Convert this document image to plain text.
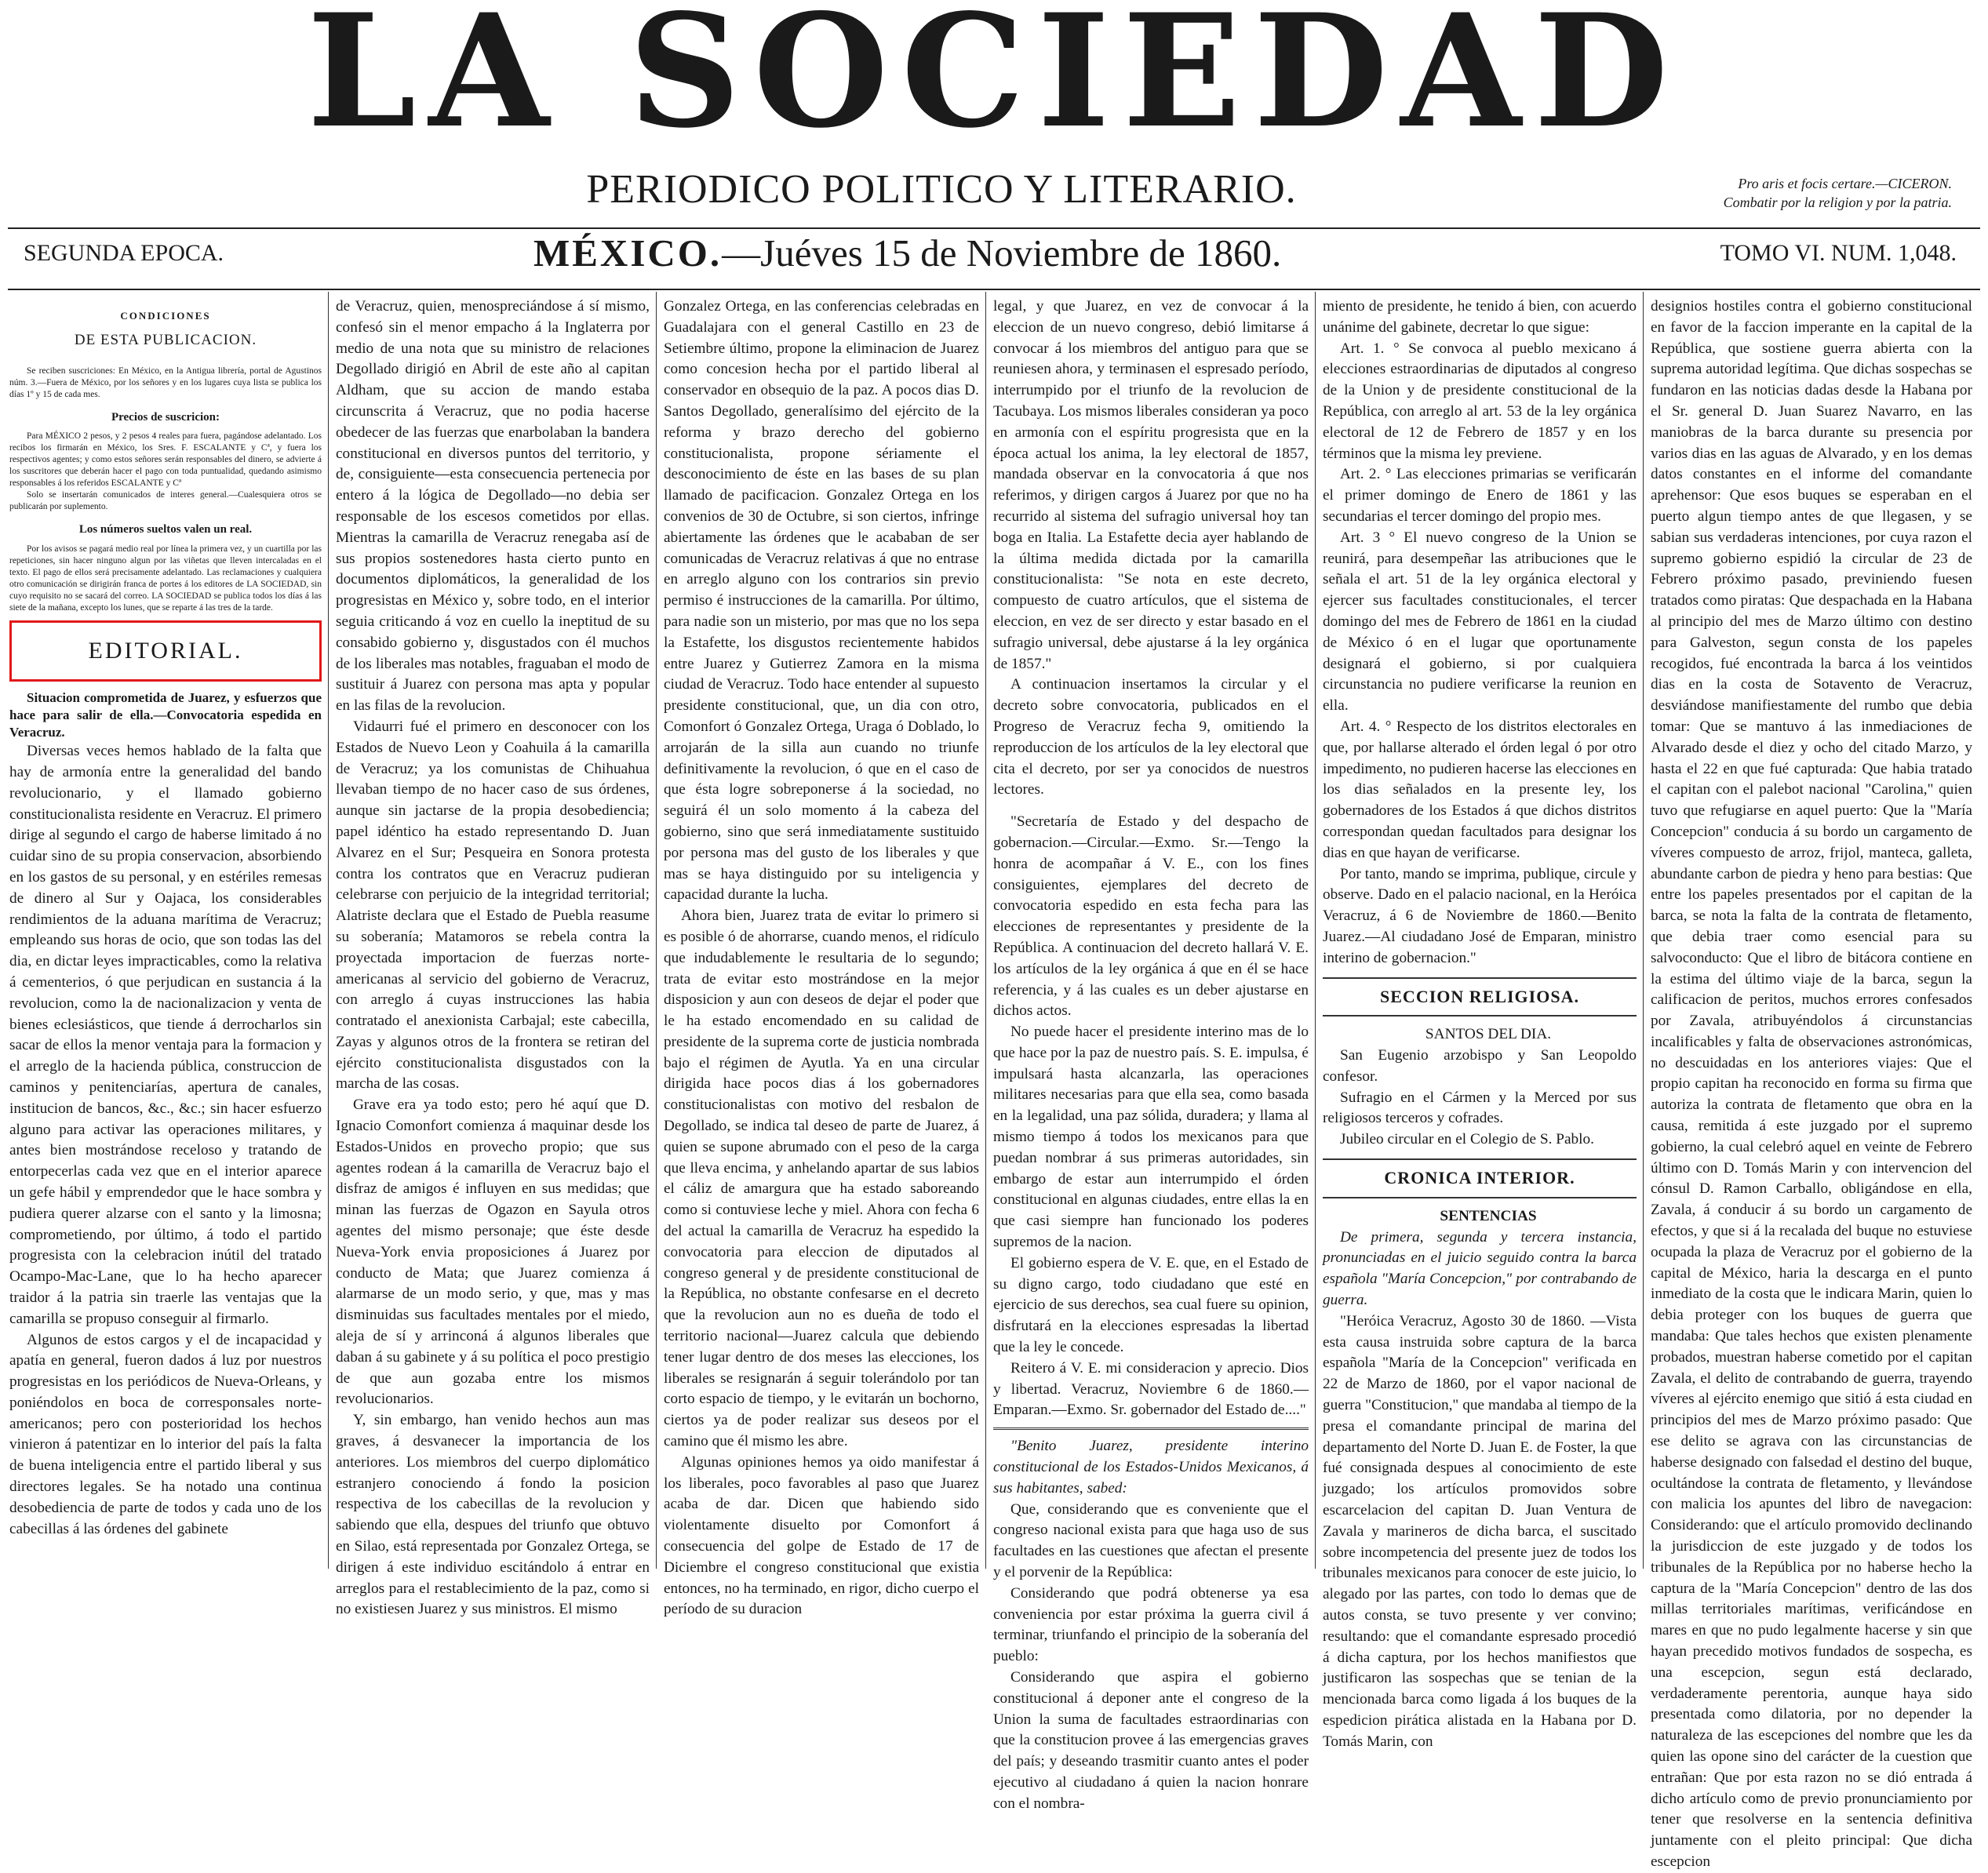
LA SOCIEDAD
PERIODICO POLITICO Y LITERARIO.	Pro aris et focis certare.—CICERON.
Combatir por la religion y por la patria.
SEGUNDA EPOCA.	MÉXICO.—Juéves 15 de Noviembre de 1860.	TOMO VI. NUM. 1,048.
CONDICIONES
DE ESTA PUBLICACION.

Se reciben suscriciones: En México, en la Antigua librería, portal de Agustinos núm. 3.—Fuera de México, por los señores y en los lugares cuya lista se publica los días 1º y 15 de cada mes.

Precios de suscricion:

Para MÉXICO 2 pesos, y 2 pesos 4 reales para fuera, pagándose adelantado. Los recibos los firmarán en México, los Sres. F. ESCALANTE y Cª, y fuera los respectivos agentes; y como estos señores serán responsables del dinero, se advierte á los suscritores que deberán hacer el pago con toda puntualidad, quedando asimismo responsables á los referidos ESCALANTE y Cª

Solo se insertarán comunicados de interes general.—Cualesquiera otros se publicarán por suplemento.

Los números sueltos valen un real.

Por los avisos se pagará medio real por línea la primera vez, y un cuartilla por las repeticiones, sin hacer ninguno algun por las viñetas que lleven intercaladas en el texto. El pago de ellos será precisamente adelantado. Las reclamaciones y cualquiera otro comunicación se dirigirán franca de portes á los editores de LA SOCIEDAD, sin cuyo requisito no se sacará del correo. LA SOCIEDAD se publica todos los días á las siete de la mañana, excepto los lunes, que se reparte á las tres de la tarde.

EDITORIAL.

Situacion comprometida de Juarez, y esfuerzos que hace para salir de ella.—Convocatoria espedida en Veracruz.

Diversas veces hemos hablado de la falta que hay de armonía entre la generalidad del bando revolucionario, y el llamado gobierno constitucionalista residente en Veracruz. El primero dirige al segundo el cargo de haberse limitado á no cuidar sino de su propia conservacion, absorbiendo en los gastos de su personal, y en estériles remesas de dinero al Sur y Oajaca, los considerables rendimientos de la aduana marítima de Veracruz; empleando sus horas de ocio, que son todas las del dia, en dictar leyes impracticables, como la relativa á cementerios, ó que perjudican en sustancia á la revolucion, como la de nacionalizacion y venta de bienes eclesiásticos, que tiende á derrocharlos sin sacar de ellos la menor ventaja para la formacion y el arreglo de la hacienda pública, construccion de caminos y penitenciarías, apertura de canales, institucion de bancos, &c., &c.; sin hacer esfuerzo alguno para activar las operaciones militares, y antes bien mostrándose receloso y tratando de entorpecerlas cada vez que en el interior aparece un gefe hábil y emprendedor que le hace sombra y pudiera querer alzarse con el santo y la limosna; comprometiendo, por último, á todo el partido progresista con la celebracion inútil del tratado Ocampo-Mac-Lane, que lo ha hecho aparecer traidor á la patria sin traerle las ventajas que la camarilla se propuso conseguir al firmarlo.

Algunos de estos cargos y el de incapacidad y apatía en general, fueron dados á luz por nuestros progresistas en los periódicos de Nueva-Orleans, y poniéndolos en boca de corresponsales norte-americanos; pero con posterioridad los hechos vinieron á patentizar en lo interior del país la falta de buena inteligencia entre el partido liberal y sus directores legales. Se ha notado una continua desobediencia de parte de todos y cada uno de los cabecillas á las órdenes del gabinete

de Veracruz, quien, menospreciándose á sí mismo, confesó sin el menor empacho á la Inglaterra por medio de una nota que su ministro de relaciones Degollado dirigió en Abril de este año al capitan Aldham, que su accion de mando estaba circunscrita á Veracruz, que no podia hacerse obedecer de las fuerzas que enarbolaban la bandera constitucional en diversos puntos del territorio, y de, consiguiente—esta consecuencia pertenecia por entero á la lógica de Degollado—no debia ser responsable de los escesos cometidos por ellas. Mientras la camarilla de Veracruz renegaba así de sus propios sostenedores hasta cierto punto en documentos diplomáticos, la generalidad de los progresistas en México y, sobre todo, en el interior seguia criticando á voz en cuello la ineptitud de su consabido gobierno y, disgustados con él muchos de los liberales mas notables, fraguaban el modo de sustituir á Juarez con persona mas apta y popular en las filas de la revolucion.

Vidaurri fué el primero en desconocer con los Estados de Nuevo Leon y Coahuila á la camarilla de Veracruz; ya los comunistas de Chihuahua llevaban tiempo de no hacer caso de sus órdenes, aunque sin jactarse de la propia desobediencia; papel idéntico ha estado representando D. Juan Alvarez en el Sur; Pesqueira en Sonora protesta contra los contratos que en Veracruz pudieran celebrarse con perjuicio de la integridad territorial; Alatriste declara que el Estado de Puebla reasume su soberanía; Matamoros se rebela contra la proyectada importacion de fuerzas norte-americanas al servicio del gobierno de Veracruz, con arreglo á cuyas instrucciones las habia contratado el anexionista Carbajal; este cabecilla, Zayas y algunos otros de la frontera se retiran del ejército constitucionalista disgustados con la marcha de las cosas.

Grave era ya todo esto; pero hé aquí que D. Ignacio Comonfort comienza á maquinar desde los Estados-Unidos en provecho propio; que sus agentes rodean á la camarilla de Veracruz bajo el disfraz de amigos é influyen en sus medidas; que minan las fuerzas de Ogazon en Sayula otros agentes del mismo personaje; que éste desde Nueva-York envia proposiciones á Juarez por conducto de Mata; que Juarez comienza á alarmarse de un modo serio, y que, mas y mas disminuidas sus facultades mentales por el miedo, aleja de sí y arrinconá á algunos liberales que daban á su gabinete y á su política el poco prestigio de que aun gozaba entre los mismos revolucionarios.

Y, sin embargo, han venido hechos aun mas graves, á desvanecer la importancia de los anteriores. Los miembros del cuerpo diplomático estranjero conociendo á fondo la posicion respectiva de los cabecillas de la revolucion y sabiendo que ella, despues del triunfo que obtuvo en Silao, está representada por Gonzalez Ortega, se dirigen á este individuo escitándolo á entrar en arreglos para el restablecimiento de la paz, como si no existiesen Juarez y sus ministros. El mismo

Gonzalez Ortega, en las conferencias celebradas en Guadalajara con el general Castillo en 23 de Setiembre último, propone la eliminacion de Juarez como concesion hecha por el partido liberal al conservador en obsequio de la paz. A pocos dias D. Santos Degollado, generalísimo del ejército de la reforma y brazo derecho del gobierno constitucionalista, propone sériamente el desconocimiento de éste en las bases de su plan llamado de pacificacion. Gonzalez Ortega en los convenios de 30 de Octubre, si son ciertos, infringe abiertamente las órdenes que le acababan de ser comunicadas de Veracruz relativas á que no entrase en arreglo alguno con los contrarios sin previo permiso é instrucciones de la camarilla. Por último, para nadie son un misterio, por mas que no los sepa la Estafette, los disgustos recientemente habidos entre Juarez y Gutierrez Zamora en la misma ciudad de Veracruz. Todo hace entender al supuesto presidente constitucional, que, un dia con otro, Comonfort ó Gonzalez Ortega, Uraga ó Doblado, lo arrojarán de la silla aun cuando no triunfe definitivamente la revolucion, ó que en el caso de que ésta logre sobreponerse á la sociedad, no seguirá él un solo momento á la cabeza del gobierno, sino que será inmediatamente sustituido por persona mas del gusto de los liberales y que mas se haya distinguido por su inteligencia y capacidad durante la lucha.

Ahora bien, Juarez trata de evitar lo primero si es posible ó de ahorrarse, cuando menos, el ridículo que indudablemente le resultaria de lo segundo; trata de evitar esto mostrándose en la mejor disposicion y aun con deseos de dejar el poder que le ha estado encomendado en su calidad de presidente de la suprema corte de justicia nombrada bajo el régimen de Ayutla. Ya en una circular dirigida hace pocos dias á los gobernadores constitucionalistas con motivo del resbalon de Degollado, se indica tal deseo de parte de Juarez, á quien se supone abrumado con el peso de la carga que lleva encima, y anhelando apartar de sus labios el cáliz de amargura que ha estado saboreando como si contuviese leche y miel. Ahora con fecha 6 del actual la camarilla de Veracruz ha espedido la convocatoria para eleccion de diputados al congreso general y de presidente constitucional de la República, no obstante confesarse en el decreto que la revolucion aun no es dueña de todo el territorio nacional—Juarez calcula que debiendo tener lugar dentro de dos meses las elecciones, los liberales se resignarán á seguir tolerándolo por tan corto espacio de tiempo, y le evitarán un bochorno, ciertos ya de poder realizar sus deseos por el camino que él mismo les abre.

Algunas opiniones hemos ya oido manifestar á los liberales, poco favorables al paso que Juarez acaba de dar. Dicen que habiendo sido violentamente disuelto por Comonfort á consecuencia del golpe de Estado de 17 de Diciembre el congreso constitucional que existia entonces, no ha terminado, en rigor, dicho cuerpo el período de su duracion

legal, y que Juarez, en vez de convocar á la eleccion de un nuevo congreso, debió limitarse á convocar á los miembros del antiguo para que se reuniesen ahora, y terminasen el espresado período, interrumpido por el triunfo de la revolucion de Tacubaya. Los mismos liberales consideran ya poco en armonía con el espíritu progresista que en la época actual los anima, la ley electoral de 1857, mandada observar en la convocatoria á que nos referimos, y dirigen cargos á Juarez por que no ha recurrido al sistema del sufragio universal hoy tan boga en Italia. La Estafette decia ayer hablando de la última medida dictada por la camarilla constitucionalista: "Se nota en este decreto, compuesto de cuatro artículos, que el sistema de eleccion, en vez de ser directo y estar basado en el sufragio universal, debe ajustarse á la ley orgánica de 1857."

A continuacion insertamos la circular y el decreto sobre convocatoria, publicados en el Progreso de Veracruz fecha 9, omitiendo la reproduccion de los artículos de la ley electoral que cita el decreto, por ser ya conocidos de nuestros lectores.

"Secretaría de Estado y del despacho de gobernacion.—Circular.—Exmo. Sr.—Tengo la honra de acompañar á V. E., con los fines consiguientes, ejemplares del decreto de convocatoria espedido en esta fecha para las elecciones de representantes y presidente de la República. A continuacion del decreto hallará V. E. los artículos de la ley orgánica á que en él se hace referencia, y á las cuales es un deber ajustarse en dichos actos.

No puede hacer el presidente interino mas de lo que hace por la paz de nuestro país. S. E. impulsa, é impulsará hasta alcanzarla, las operaciones militares necesarias para que ella sea, como basada en la legalidad, una paz sólida, duradera; y llama al mismo tiempo á todos los mexicanos para que puedan nombrar á sus primeras autoridades, sin embargo de estar aun interrumpido el órden constitucional en algunas ciudades, entre ellas la en que casi siempre han funcionado los poderes supremos de la nacion.

El gobierno espera de V. E. que, en el Estado de su digno cargo, todo ciudadano que esté en ejercicio de sus derechos, sea cual fuere su opinion, disfrutará en la elecciones espresadas la libertad que la ley le concede.

Reitero á V. E. mi consideracion y aprecio. Dios y libertad. Veracruz, Noviembre 6 de 1860.—Emparan.—Exmo. Sr. gobernador del Estado de...."

"Benito Juarez, presidente interino constitucional de los Estados-Unidos Mexicanos, á sus habitantes, sabed:

Que, considerando que es conveniente que el congreso nacional exista para que haga uso de sus facultades en las cuestiones que afectan el presente y el porvenir de la República:

Considerando que podrá obtenerse ya esa conveniencia por estar próxima la guerra civil á terminar, triunfando el principio de la soberanía del pueblo:

Considerando que aspira el gobierno constitucional á deponer ante el congreso de la Union la suma de facultades estraordinarias con que la constitucion provee á las emergencias graves del país; y deseando trasmitir cuanto antes el poder ejecutivo al ciudadano á quien la nacion honrare con el nombra-

miento de presidente, he tenido á bien, con acuerdo unánime del gabinete, decretar lo que sigue:

Art. 1. ° Se convoca al pueblo mexicano á elecciones estraordinarias de diputados al congreso de la Union y de presidente constitucional de la República, con arreglo al art. 53 de la ley orgánica electoral de 12 de Febrero de 1857 y en los términos que la misma ley previene.

Art. 2. ° Las elecciones primarias se verificarán el primer domingo de Enero de 1861 y las secundarias el tercer domingo del propio mes.

Art. 3 ° El nuevo congreso de la Union se reunirá, para desempeñar las atribuciones que le señala el art. 51 de la ley orgánica electoral y ejercer sus facultades constitucionales, el tercer domingo del mes de Febrero de 1861 en la ciudad de México ó en el lugar que oportunamente designará el gobierno, si por cualquiera circunstancia no pudiere verificarse la reunion en ella.

Art. 4. ° Respecto de los distritos electorales en que, por hallarse alterado el órden legal ó por otro impedimento, no pudieren hacerse las elecciones en los dias señalados en la presente ley, los gobernadores de los Estados á que dichos distritos correspondan quedan facultados para designar los dias en que hayan de verificarse.

Por tanto, mando se imprima, publique, circule y observe. Dado en el palacio nacional, en la Heróica Veracruz, á 6 de Noviembre de 1860.—Benito Juarez.—Al ciudadano José de Emparan, ministro interino de gobernacion."

SECCION RELIGIOSA.

SANTOS DEL DIA.

San Eugenio arzobispo y San Leopoldo confesor.

Sufragio en el Cármen y la Merced por sus religiosos terceros y cofrades.

Jubileo circular en el Colegio de S. Pablo.

CRONICA INTERIOR.

SENTENCIAS

De primera, segunda y tercera instancia, pronunciadas en el juicio seguido contra la barca española "María Concepcion," por contrabando de guerra.

"Heróica Veracruz, Agosto 30 de 1860. —Vista esta causa instruida sobre captura de la barca española "María de la Concepcion" verificada en 22 de Marzo de 1860, por el vapor nacional de guerra "Constitucion," que mandaba al tiempo de la presa el comandante principal de marina del departamento del Norte D. Juan E. de Foster, la que fué consignada despues al conocimiento de este juzgado; los artículos promovidos sobre escarcelacion del capitan D. Juan Ventura de Zavala y marineros de dicha barca, el suscitado sobre incompetencia del presente juez de todos los tribunales mexicanos para conocer de este juicio, lo alegado por las partes, con todo lo demas que de autos consta, se tuvo presente y ver convino; resultando: que el comandante espresado procedió á dicha captura, por los hechos manifiestos que justificaron las sospechas que se tenian de la mencionada barca como ligada á los buques de la espedicion pirática alistada en la Habana por D. Tomás Marin, con

designios hostiles contra el gobierno constitucional en favor de la faccion imperante en la capital de la República, que sostiene guerra abierta con la suprema autoridad legítima. Que dichas sospechas se fundaron en las noticias dadas desde la Habana por el Sr. general D. Juan Suarez Navarro, en las maniobras de la barca durante su presencia por varios dias en las aguas de Alvarado, y en los demas datos constantes en el informe del comandante aprehensor: Que esos buques se esperaban en el puerto algun tiempo antes de que llegasen, y se sabian sus verdaderas intenciones, por cuya razon el supremo gobierno espidió la circular de 23 de Febrero próximo pasado, previniendo fuesen tratados como piratas: Que despachada en la Habana al principio del mes de Marzo último con destino para Galveston, segun consta de los papeles recogidos, fué encontrada la barca á los veintidos dias en la costa de Sotavento de Veracruz, desviándose manifiestamente del rumbo que debia tomar: Que se mantuvo á las inmediaciones de Alvarado desde el diez y ocho del citado Marzo, y hasta el 22 en que fué capturada: Que habia tratado el capitan con el palebot nacional "Carolina," quien tuvo que refugiarse en aquel puerto: Que la "María Concepcion" conducia á su bordo un cargamento de víveres compuesto de arroz, frijol, manteca, galleta, abundante carbon de piedra y heno para bestias: Que entre los papeles presentados por el capitan de la barca, se nota la falta de la contrata de fletamento, que debia traer como esencial para su salvoconducto: Que el libro de bitácora contiene en la estima del último viaje de la barca, segun la calificacion de peritos, muchos errores confesados por Zavala, atribuyéndolos á circunstancias incalificables y falta de observaciones astronómicas, no descuidadas en los anteriores viajes: Que el propio capitan ha reconocido en forma su firma que autoriza la contrata de fletamento que obra en la causa, remitida á este juzgado por el supremo gobierno, la cual celebró aquel en veinte de Febrero último con D. Tomás Marin y con intervencion del cónsul D. Ramon Carballo, obligándose en ella, Zavala, á conducir á su bordo un cargamento de efectos, y que si á la recalada del buque no estuviese ocupada la plaza de Veracruz por el gobierno de la capital de México, haria la descarga en el punto inmediato de la costa que le indicara Marin, quien lo debia proteger con los buques de guerra que mandaba: Que tales hechos que existen plenamente probados, muestran haberse cometido por el capitan Zavala, el delito de contrabando de guerra, trayendo víveres al ejército enemigo que sitió á esta ciudad en principios del mes de Marzo próximo pasado: Que ese delito se agrava con las circunstancias de haberse designado con falsedad el destino del buque, ocultándose la contrata de fletamento, y llevándose con malicia los apuntes del libro de navegacion: Considerando: que el artículo promovido declinando la jurisdiccion de este juzgado y de todos los tribunales de la República por no haberse hecho la captura de la "María Concepcion" dentro de las dos millas territoriales marítimas, verificándose en mares en que no pudo legalmente hacerse y sin que hayan precedido motivos fundados de sospecha, es una escepcion, segun está declarado, verdaderamente perentoria, aunque haya sido presentada como dilatoria, por no depender la naturaleza de las escepciones del nombre que les da quien las opone sino del carácter de la cuestion que entrañan: Que por esta razon no se dió entrada á dicho artículo como de previo pronunciamiento por tener que resolverse en la sentencia definitiva juntamente con el pleito principal: Que dicha escepcion
